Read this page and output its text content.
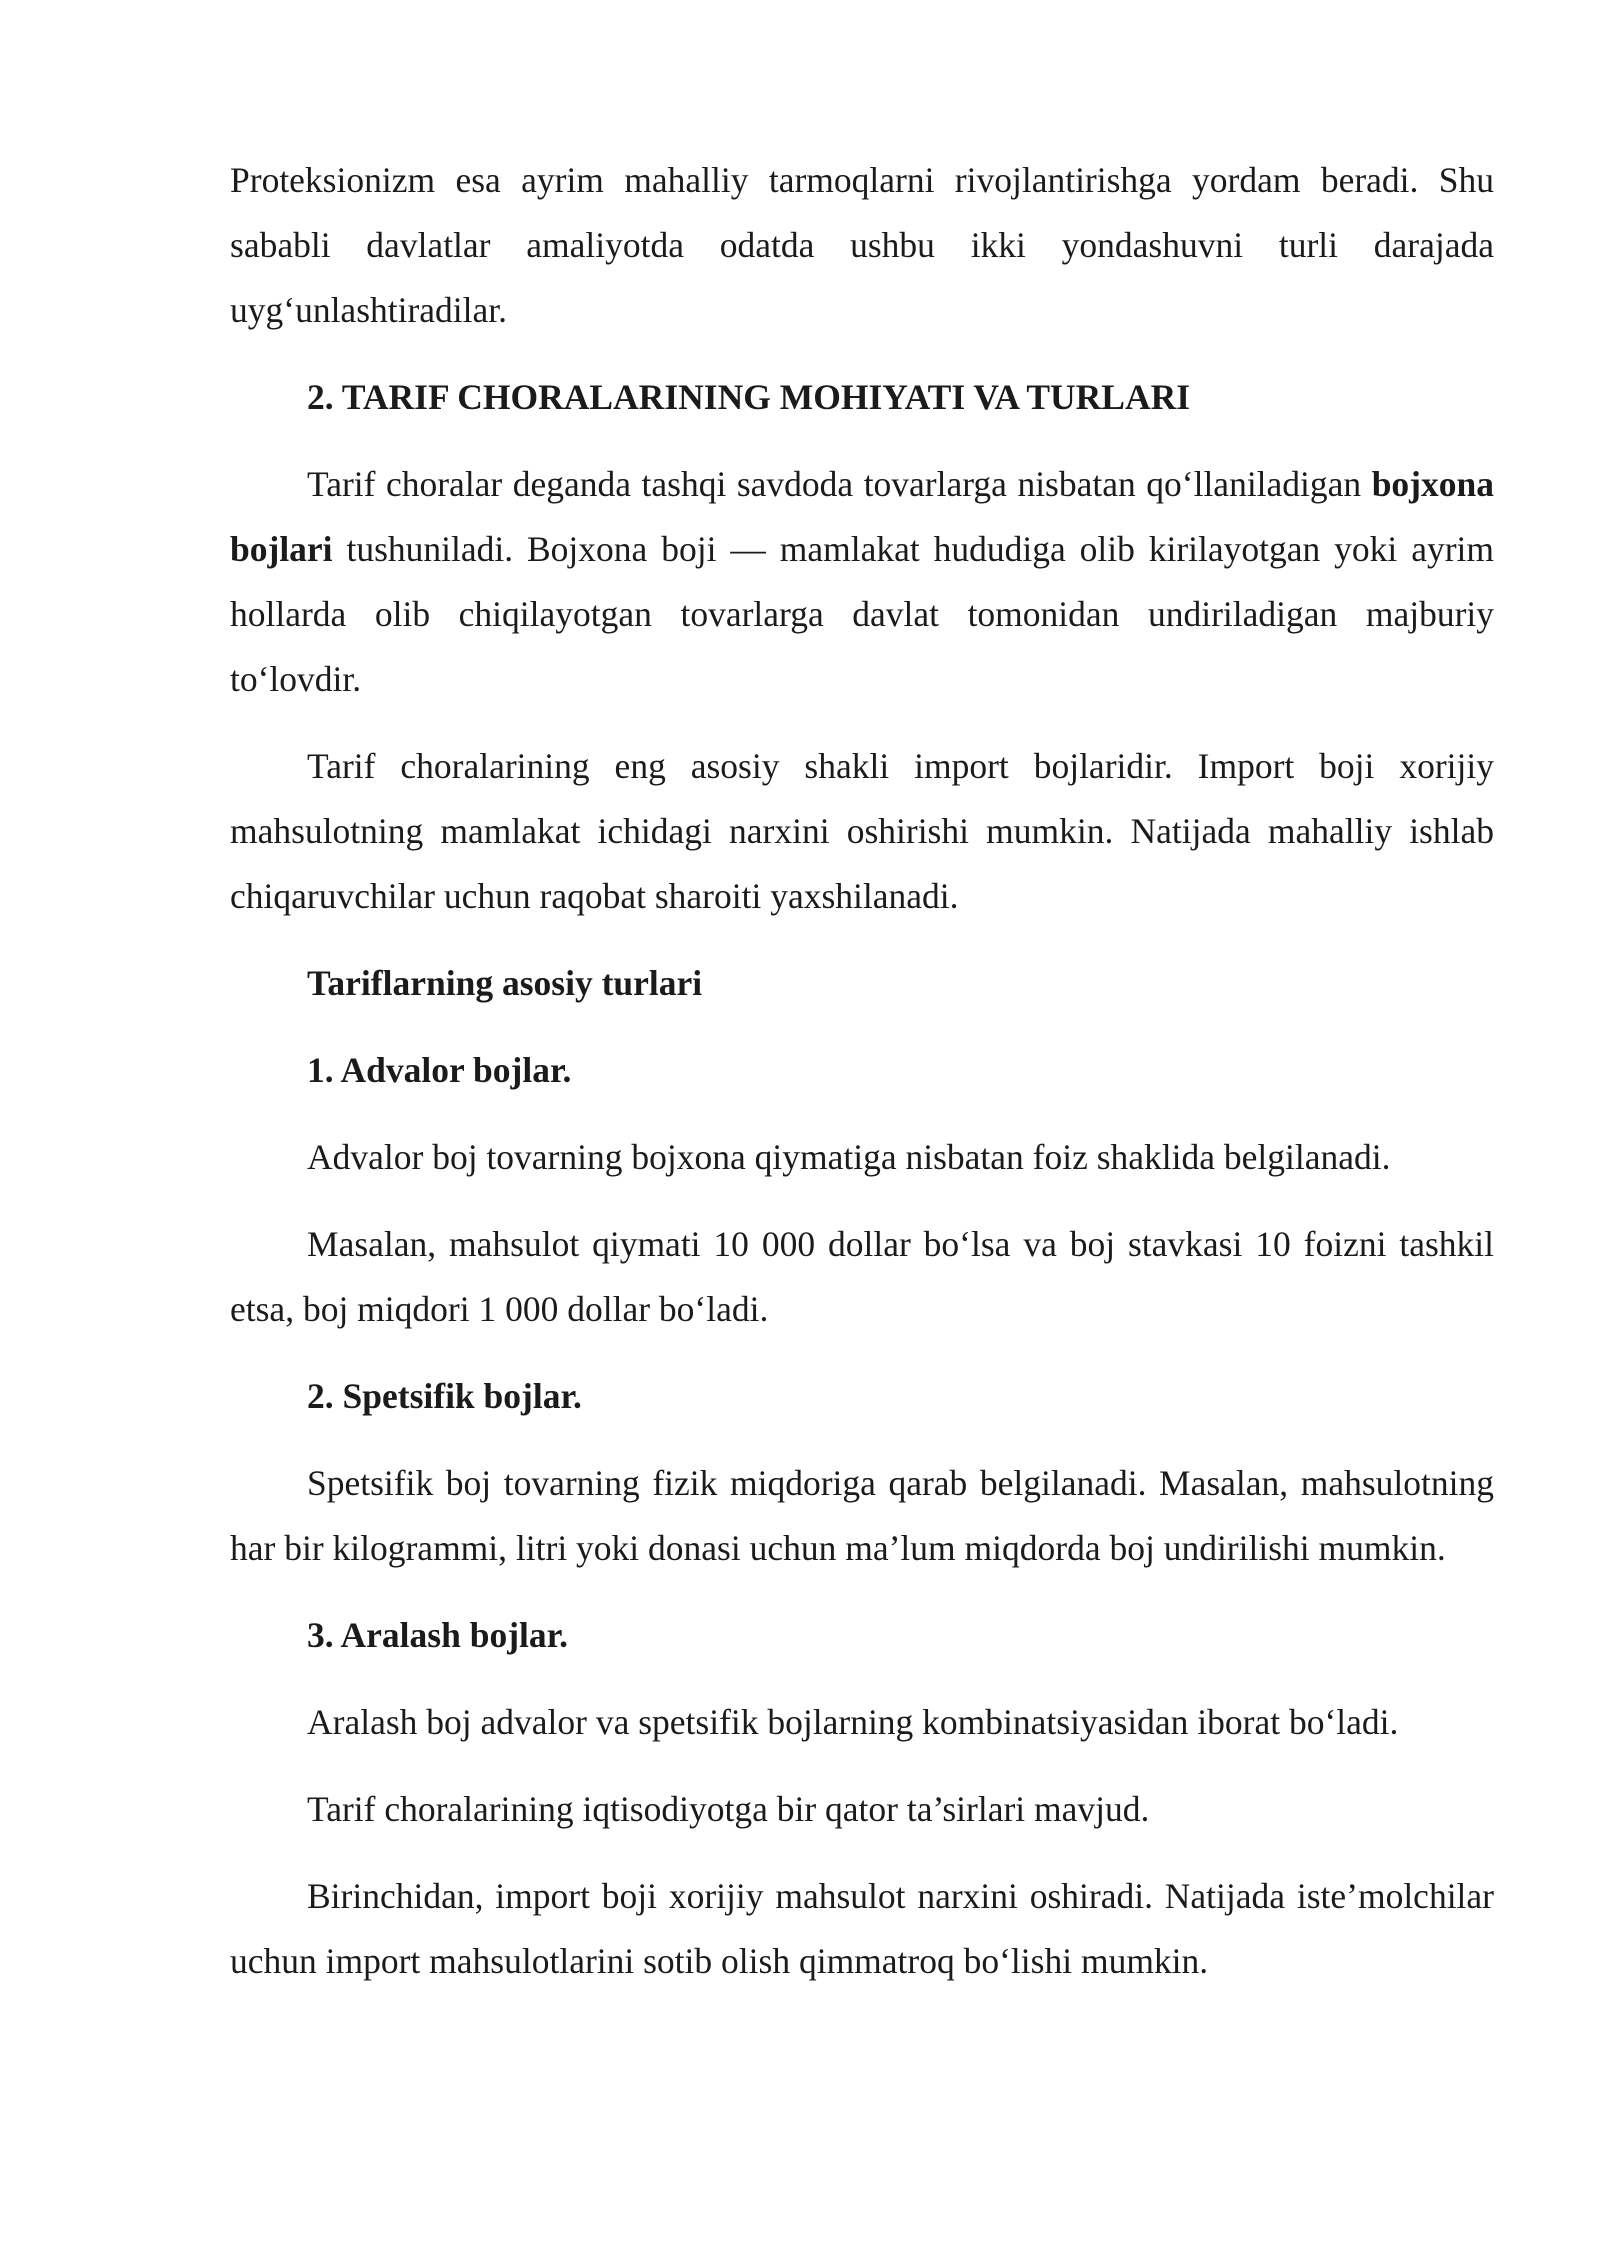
Proteksionizm esa ayrim mahalliy tarmoqlarni rivojlantirishga yordam beradi. Shu sababli davlatlar amaliyotda odatda ushbu ikki yondashuvni turli darajada uyg‘unlashtiradilar.

2. TARIF CHORALARINING MOHIYATI VA TURLARI

Tarif choralar deganda tashqi savdoda tovarlarga nisbatan qo‘llaniladigan bojxona bojlari tushuniladi. Bojxona boji — mamlakat hududiga olib kirilayotgan yoki ayrim hollarda olib chiqilayotgan tovarlarga davlat tomonidan undiriladigan majburiy to‘lovdir.

Tarif choralarining eng asosiy shakli import bojlaridir. Import boji xorijiy mahsulotning mamlakat ichidagi narxini oshirishi mumkin. Natijada mahalliy ishlab chiqaruvchilar uchun raqobat sharoiti yaxshilanadi.

Tariflarning asosiy turlari

1. Advalor bojlar.

Advalor boj tovarning bojxona qiymatiga nisbatan foiz shaklida belgilanadi.

Masalan, mahsulot qiymati 10 000 dollar bo‘lsa va boj stavkasi 10 foizni tashkil etsa, boj miqdori 1 000 dollar bo‘ladi.

2. Spetsifik bojlar.

Spetsifik boj tovarning fizik miqdoriga qarab belgilanadi. Masalan, mahsulotning har bir kilogrammi, litri yoki donasi uchun ma’lum miqdorda boj undirilishi mumkin.

3. Aralash bojlar.

Aralash boj advalor va spetsifik bojlarning kombinatsiyasidan iborat bo‘ladi.

Tarif choralarining iqtisodiyotga bir qator ta’sirlari mavjud.

Birinchidan, import boji xorijiy mahsulot narxini oshiradi. Natijada iste’molchilar uchun import mahsulotlarini sotib olish qimmatroq bo‘lishi mumkin.
